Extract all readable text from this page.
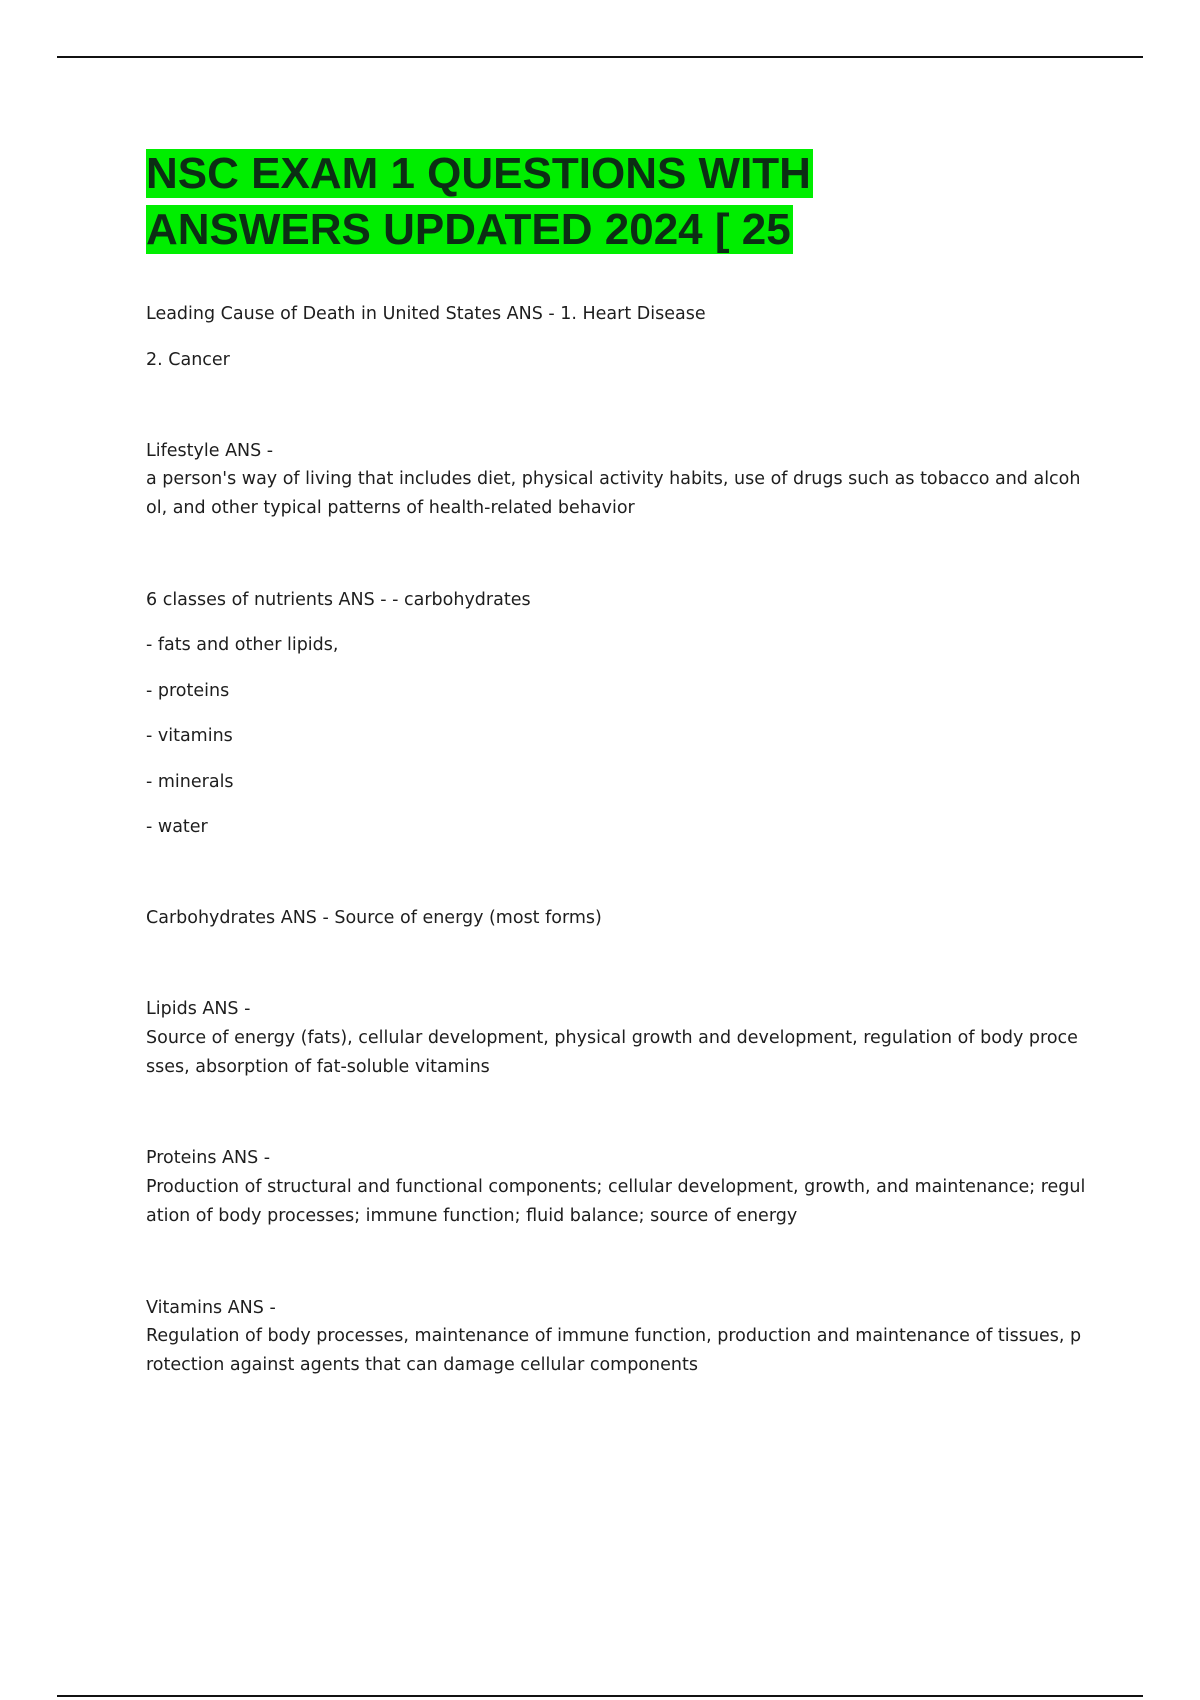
NSC EXAM 1 QUESTIONS WITH
ANSWERS UPDATED 2024 [ 25
Leading Cause of Death in United States ANS - 1. Heart Disease
2. Cancer
Lifestyle ANS -
a person's way of living that includes diet, physical activity habits, use of drugs such as tobacco and alcohol, and other typical patterns of health-related behavior
6 classes of nutrients ANS - - carbohydrates
- fats and other lipids,
- proteins
- vitamins
- minerals
- water
Carbohydrates ANS - Source of energy (most forms)
Lipids ANS -
Source of energy (fats), cellular development, physical growth and development, regulation of body processes, absorption of fat-soluble vitamins
Proteins ANS -
Production of structural and functional components; cellular development, growth, and maintenance; regulation of body processes; immune function; fluid balance; source of energy
Vitamins ANS -
Regulation of body processes, maintenance of immune function, production and maintenance of tissues, protection against agents that can damage cellular components
